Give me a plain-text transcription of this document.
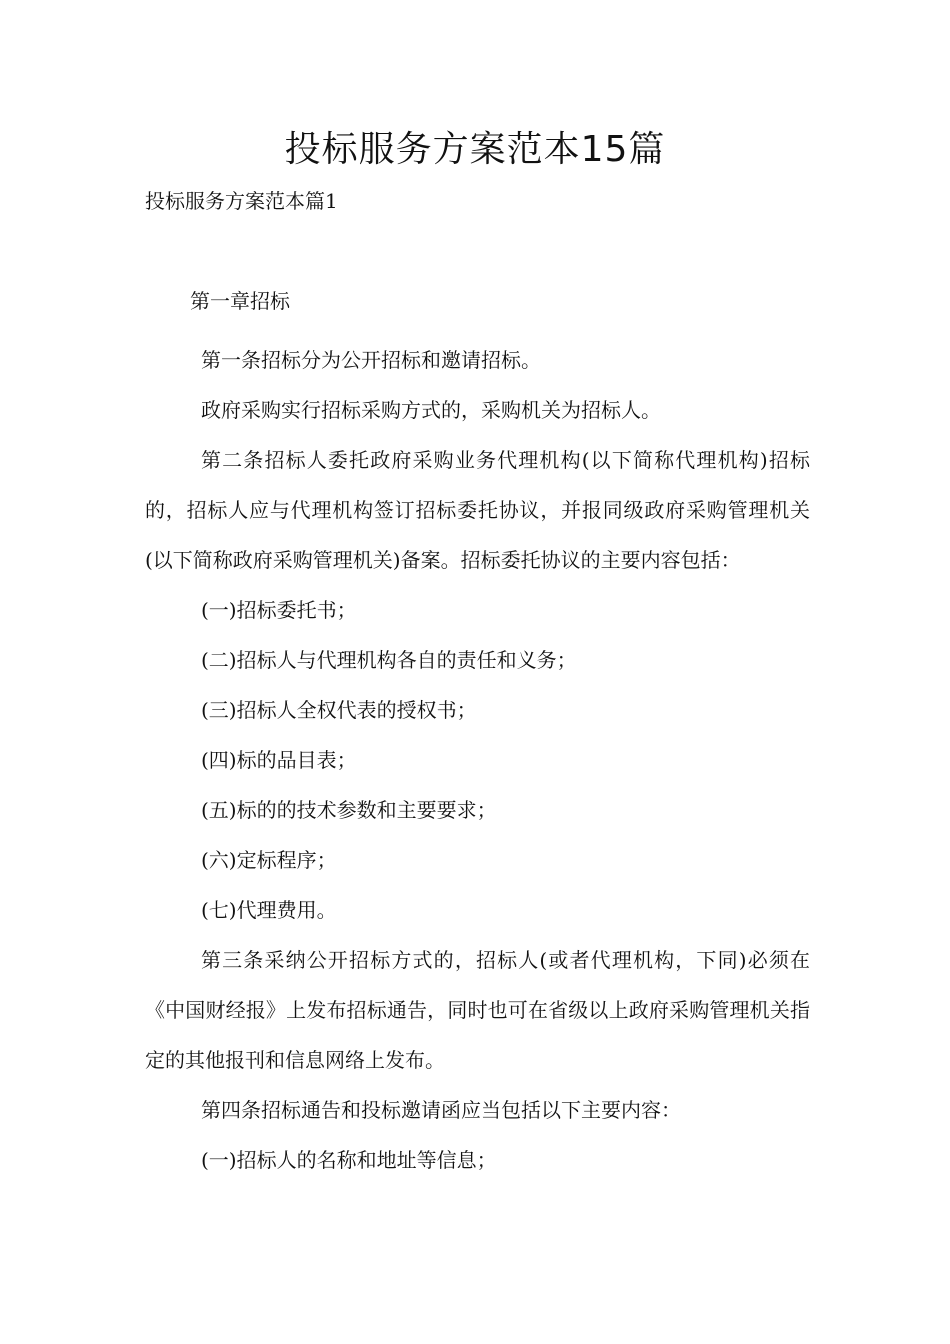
投标服务方案范本15篇

投标服务方案范本篇1

第一章招标

第一条招标分为公开招标和邀请招标。

政府采购实行招标采购方式的，采购机关为招标人。

第二条招标人委托政府采购业务代理机构(以下简称代理机构)招标的，招标人应与代理机构签订招标委托协议，并报同级政府采购管理机关(以下简称政府采购管理机关)备案。招标委托协议的主要内容包括：

(一)招标委托书；

(二)招标人与代理机构各自的责任和义务；

(三)招标人全权代表的授权书；

(四)标的品目表；

(五)标的的技术参数和主要要求；

(六)定标程序；

(七)代理费用。

第三条采纳公开招标方式的，招标人(或者代理机构，下同)必须在《中国财经报》上发布招标通告，同时也可在省级以上政府采购管理机关指定的其他报刊和信息网络上发布。

第四条招标通告和投标邀请函应当包括以下主要内容：

(一)招标人的名称和地址等信息；
